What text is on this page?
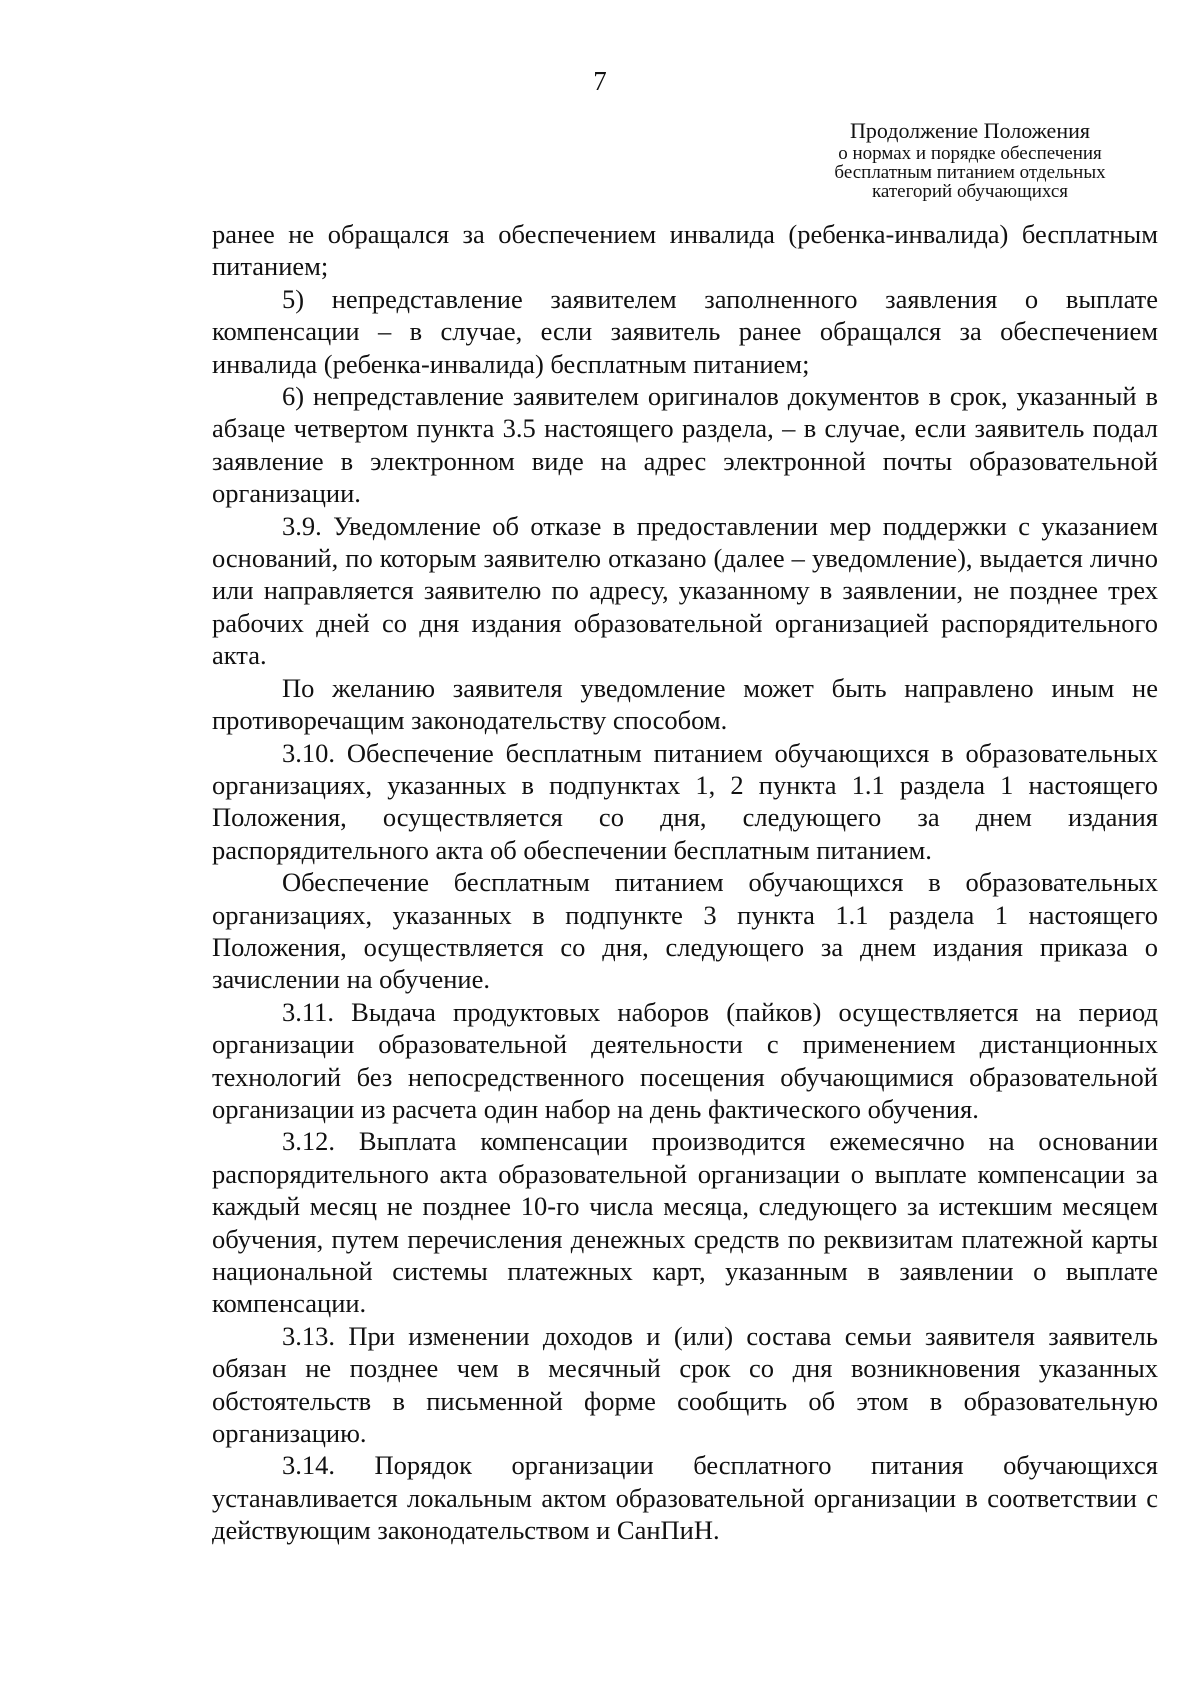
7
Продолжение Положения
о нормах и порядке обеспечения
бесплатным питанием отдельных
категорий обучающихся

ранее не обращался за обеспечением инвалида (ребенка-инвалида) бесплатным питанием;

5) непредставление заявителем заполненного заявления о выплате компенсации – в случае, если заявитель ранее обращался за обеспечением инвалида (ребенка-инвалида) бесплатным питанием;

6) непредставление заявителем оригиналов документов в срок, указанный в абзаце четвертом пункта 3.5 настоящего раздела, – в случае, если заявитель подал заявление в электронном виде на адрес электронной почты образовательной организации.

3.9. Уведомление об отказе в предоставлении мер поддержки с указанием оснований, по которым заявителю отказано (далее – уведомление), выдается лично или направляется заявителю по адресу, указанному в заявлении, не позднее трех рабочих дней со дня издания образовательной организацией распорядительного акта.

По желанию заявителя уведомление может быть направлено иным не противоречащим законодательству способом.

3.10. Обеспечение бесплатным питанием обучающихся в образовательных организациях, указанных в подпунктах 1, 2 пункта 1.1 раздела 1 настоящего Положения, осуществляется со дня, следующего за днем издания распорядительного акта об обеспечении бесплатным питанием.

Обеспечение бесплатным питанием обучающихся в образовательных организациях, указанных в подпункте 3 пункта 1.1 раздела 1 настоящего Положения, осуществляется со дня, следующего за днем издания приказа о зачислении на обучение.

3.11. Выдача продуктовых наборов (пайков) осуществляется на период организации образовательной деятельности с применением дистанционных технологий без непосредственного посещения обучающимися образовательной организации из расчета один набор на день фактического обучения.

3.12. Выплата компенсации производится ежемесячно на основании распорядительного акта образовательной организации о выплате компенсации за каждый месяц не позднее 10-го числа месяца, следующего за истекшим месяцем обучения, путем перечисления денежных средств по реквизитам платежной карты национальной системы платежных карт, указанным в заявлении о выплате компенсации.

3.13. При изменении доходов и (или) состава семьи заявителя заявитель обязан не позднее чем в месячный срок со дня возникновения указанных обстоятельств в письменной форме сообщить об этом в образовательную организацию.

3.14. Порядок организации бесплатного питания обучающихся устанавливается локальным актом образовательной организации в соответствии с действующим законодательством и СанПиН.
